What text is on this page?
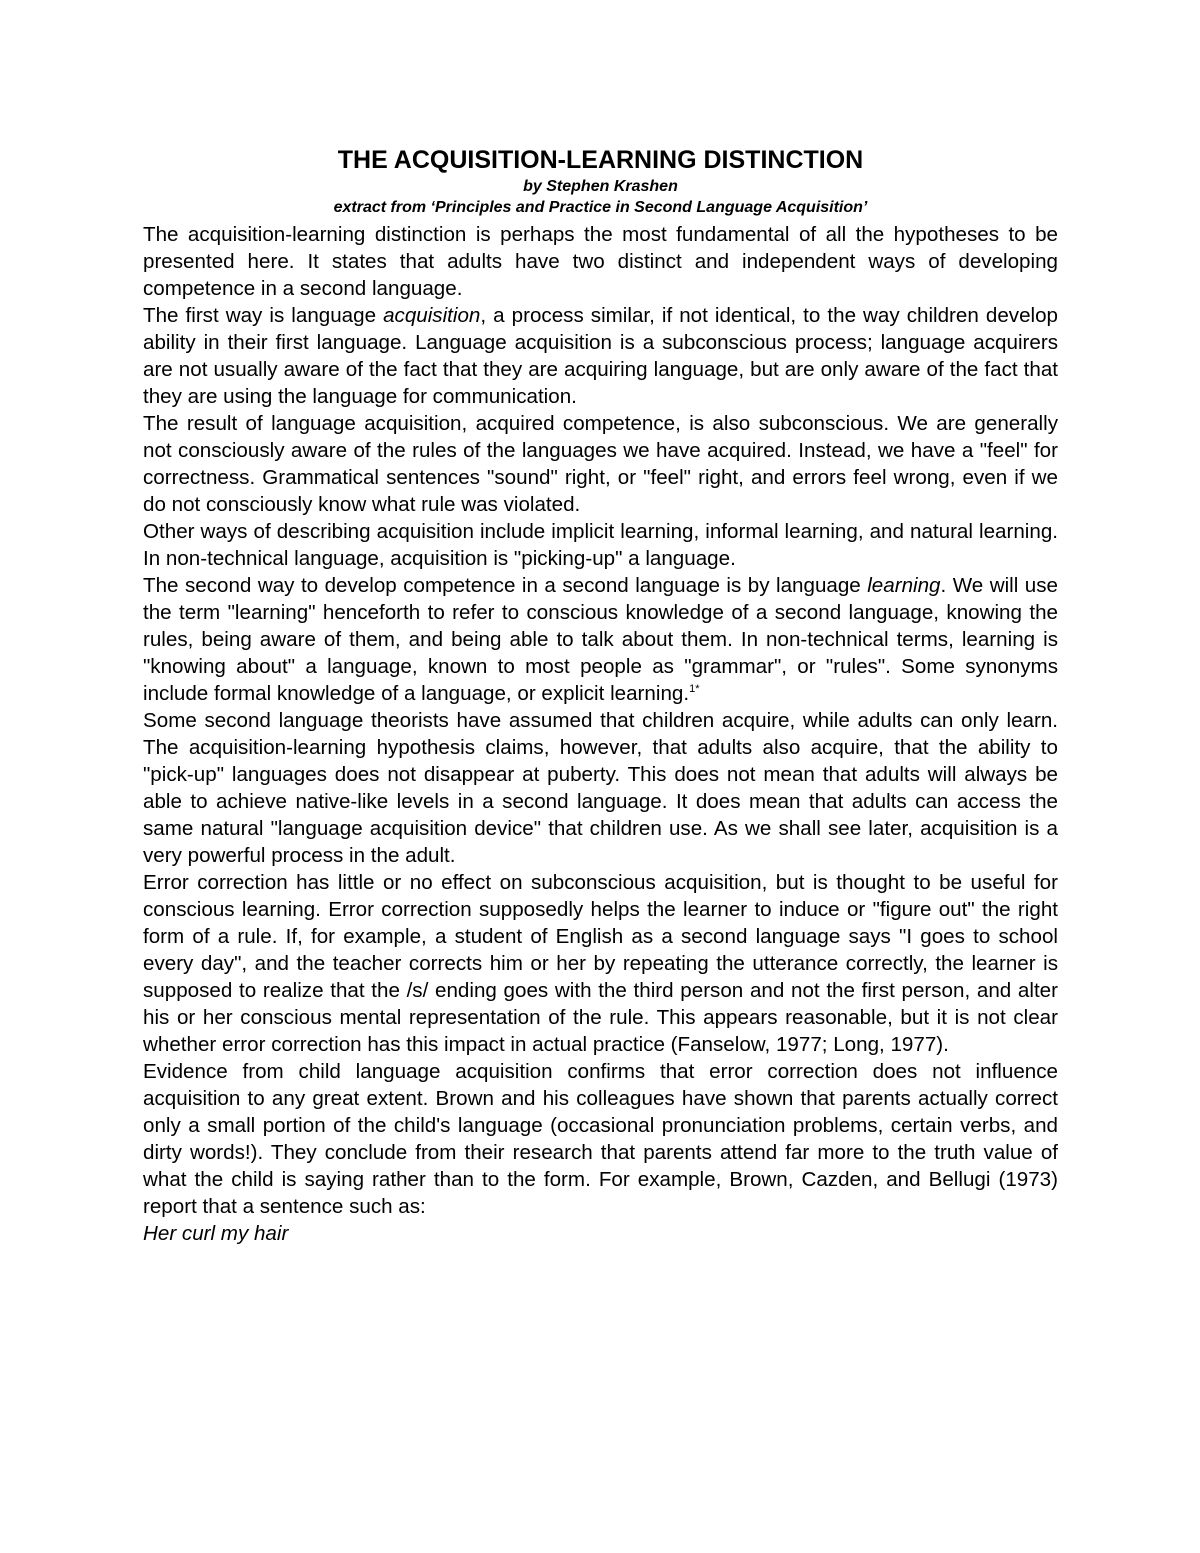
THE ACQUISITION-LEARNING DISTINCTION

by Stephen Krashen

extract from ‘Principles and Practice in Second Language Acquisition’

The acquisition-learning distinction is perhaps the most fundamental of all the hypotheses to be presented here. It states that adults have two distinct and independent ways of developing competence in a second language.

The first way is language acquisition, a process similar, if not identical, to the way children develop ability in their first language. Language acquisition is a subconscious process; language acquirers are not usually aware of the fact that they are acquiring language, but are only aware of the fact that they are using the language for communication.

The result of language acquisition, acquired competence, is also subconscious. We are generally not consciously aware of the rules of the languages we have acquired. Instead, we have a "feel" for correctness. Grammatical sentences "sound" right, or "feel" right, and errors feel wrong, even if we do not consciously know what rule was violated.

Other ways of describing acquisition include implicit learning, informal learning, and natural learning. In non-technical language, acquisition is "picking-up" a language.

The second way to develop competence in a second language is by language learning. We will use the term "learning" henceforth to refer to conscious knowledge of a second language, knowing the rules, being aware of them, and being able to talk about them. In non-technical terms, learning is "knowing about" a language, known to most people as "grammar", or "rules". Some synonyms include formal knowledge of a language, or explicit learning.$^{1*}$

Some second language theorists have assumed that children acquire, while adults can only learn. The acquisition-learning hypothesis claims, however, that adults also acquire, that the ability to "pick-up" languages does not disappear at puberty. This does not mean that adults will always be able to achieve native-like levels in a second language. It does mean that adults can access the same natural "language acquisition device" that children use. As we shall see later, acquisition is a very powerful process in the adult.

Error correction has little or no effect on subconscious acquisition, but is thought to be useful for conscious learning. Error correction supposedly helps the learner to induce or "figure out" the right form of a rule. If, for example, a student of English as a second language says "I goes to school every day", and the teacher corrects him or her by repeating the utterance correctly, the learner is supposed to realize that the /s/ ending goes with the third person and not the first person, and alter his or her conscious mental representation of the rule. This appears reasonable, but it is not clear whether error correction has this impact in actual practice (Fanselow, 1977; Long, 1977).

Evidence from child language acquisition confirms that error correction does not influence acquisition to any great extent. Brown and his colleagues have shown that parents actually correct only a small portion of the child's language (occasional pronunciation problems, certain verbs, and dirty words!). They conclude from their research that parents attend far more to the truth value of what the child is saying rather than to the form. For example, Brown, Cazden, and Bellugi (1973) report that a sentence such as:

Her curl my hair
